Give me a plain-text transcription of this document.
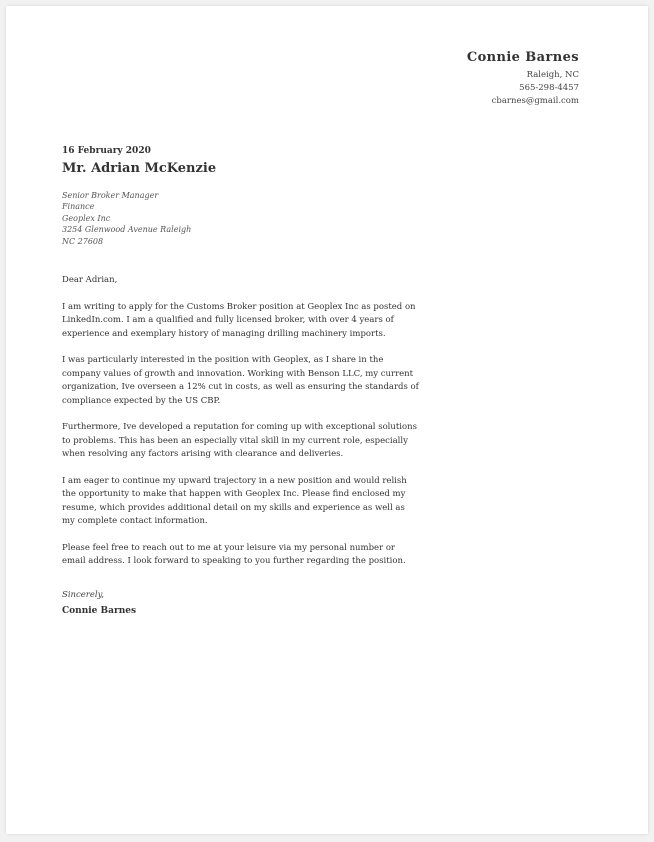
Connie Barnes
Raleigh, NC
565-298-4457
cbarnes@gmail.com
16 February 2020
Mr. Adrian McKenzie
Senior Broker Manager
Finance
Geoplex Inc
3254 Glenwood Avenue Raleigh
NC 27608

Dear Adrian,

I am writing to apply for the Customs Broker position at Geoplex Inc as posted on LinkedIn.com. I am a qualified and fully licensed broker, with over 4 years of experience and exemplary history of managing drilling machinery imports.

I was particularly interested in the position with Geoplex, as I share in the company values of growth and innovation. Working with Benson LLC, my current organization, Ive overseen a 12% cut in costs, as well as ensuring the standards of compliance expected by the US CBP.

Furthermore, Ive developed a reputation for coming up with exceptional solutions to problems. This has been an especially vital skill in my current role, especially when resolving any factors arising with clearance and deliveries.

I am eager to continue my upward trajectory in a new position and would relish the opportunity to make that happen with Geoplex Inc. Please find enclosed my resume, which provides additional detail on my skills and experience as well as my complete contact information.

Please feel free to reach out to me at your leisure via my personal number or email address. I look forward to speaking to you further regarding the position.

Sincerely,
Connie Barnes
